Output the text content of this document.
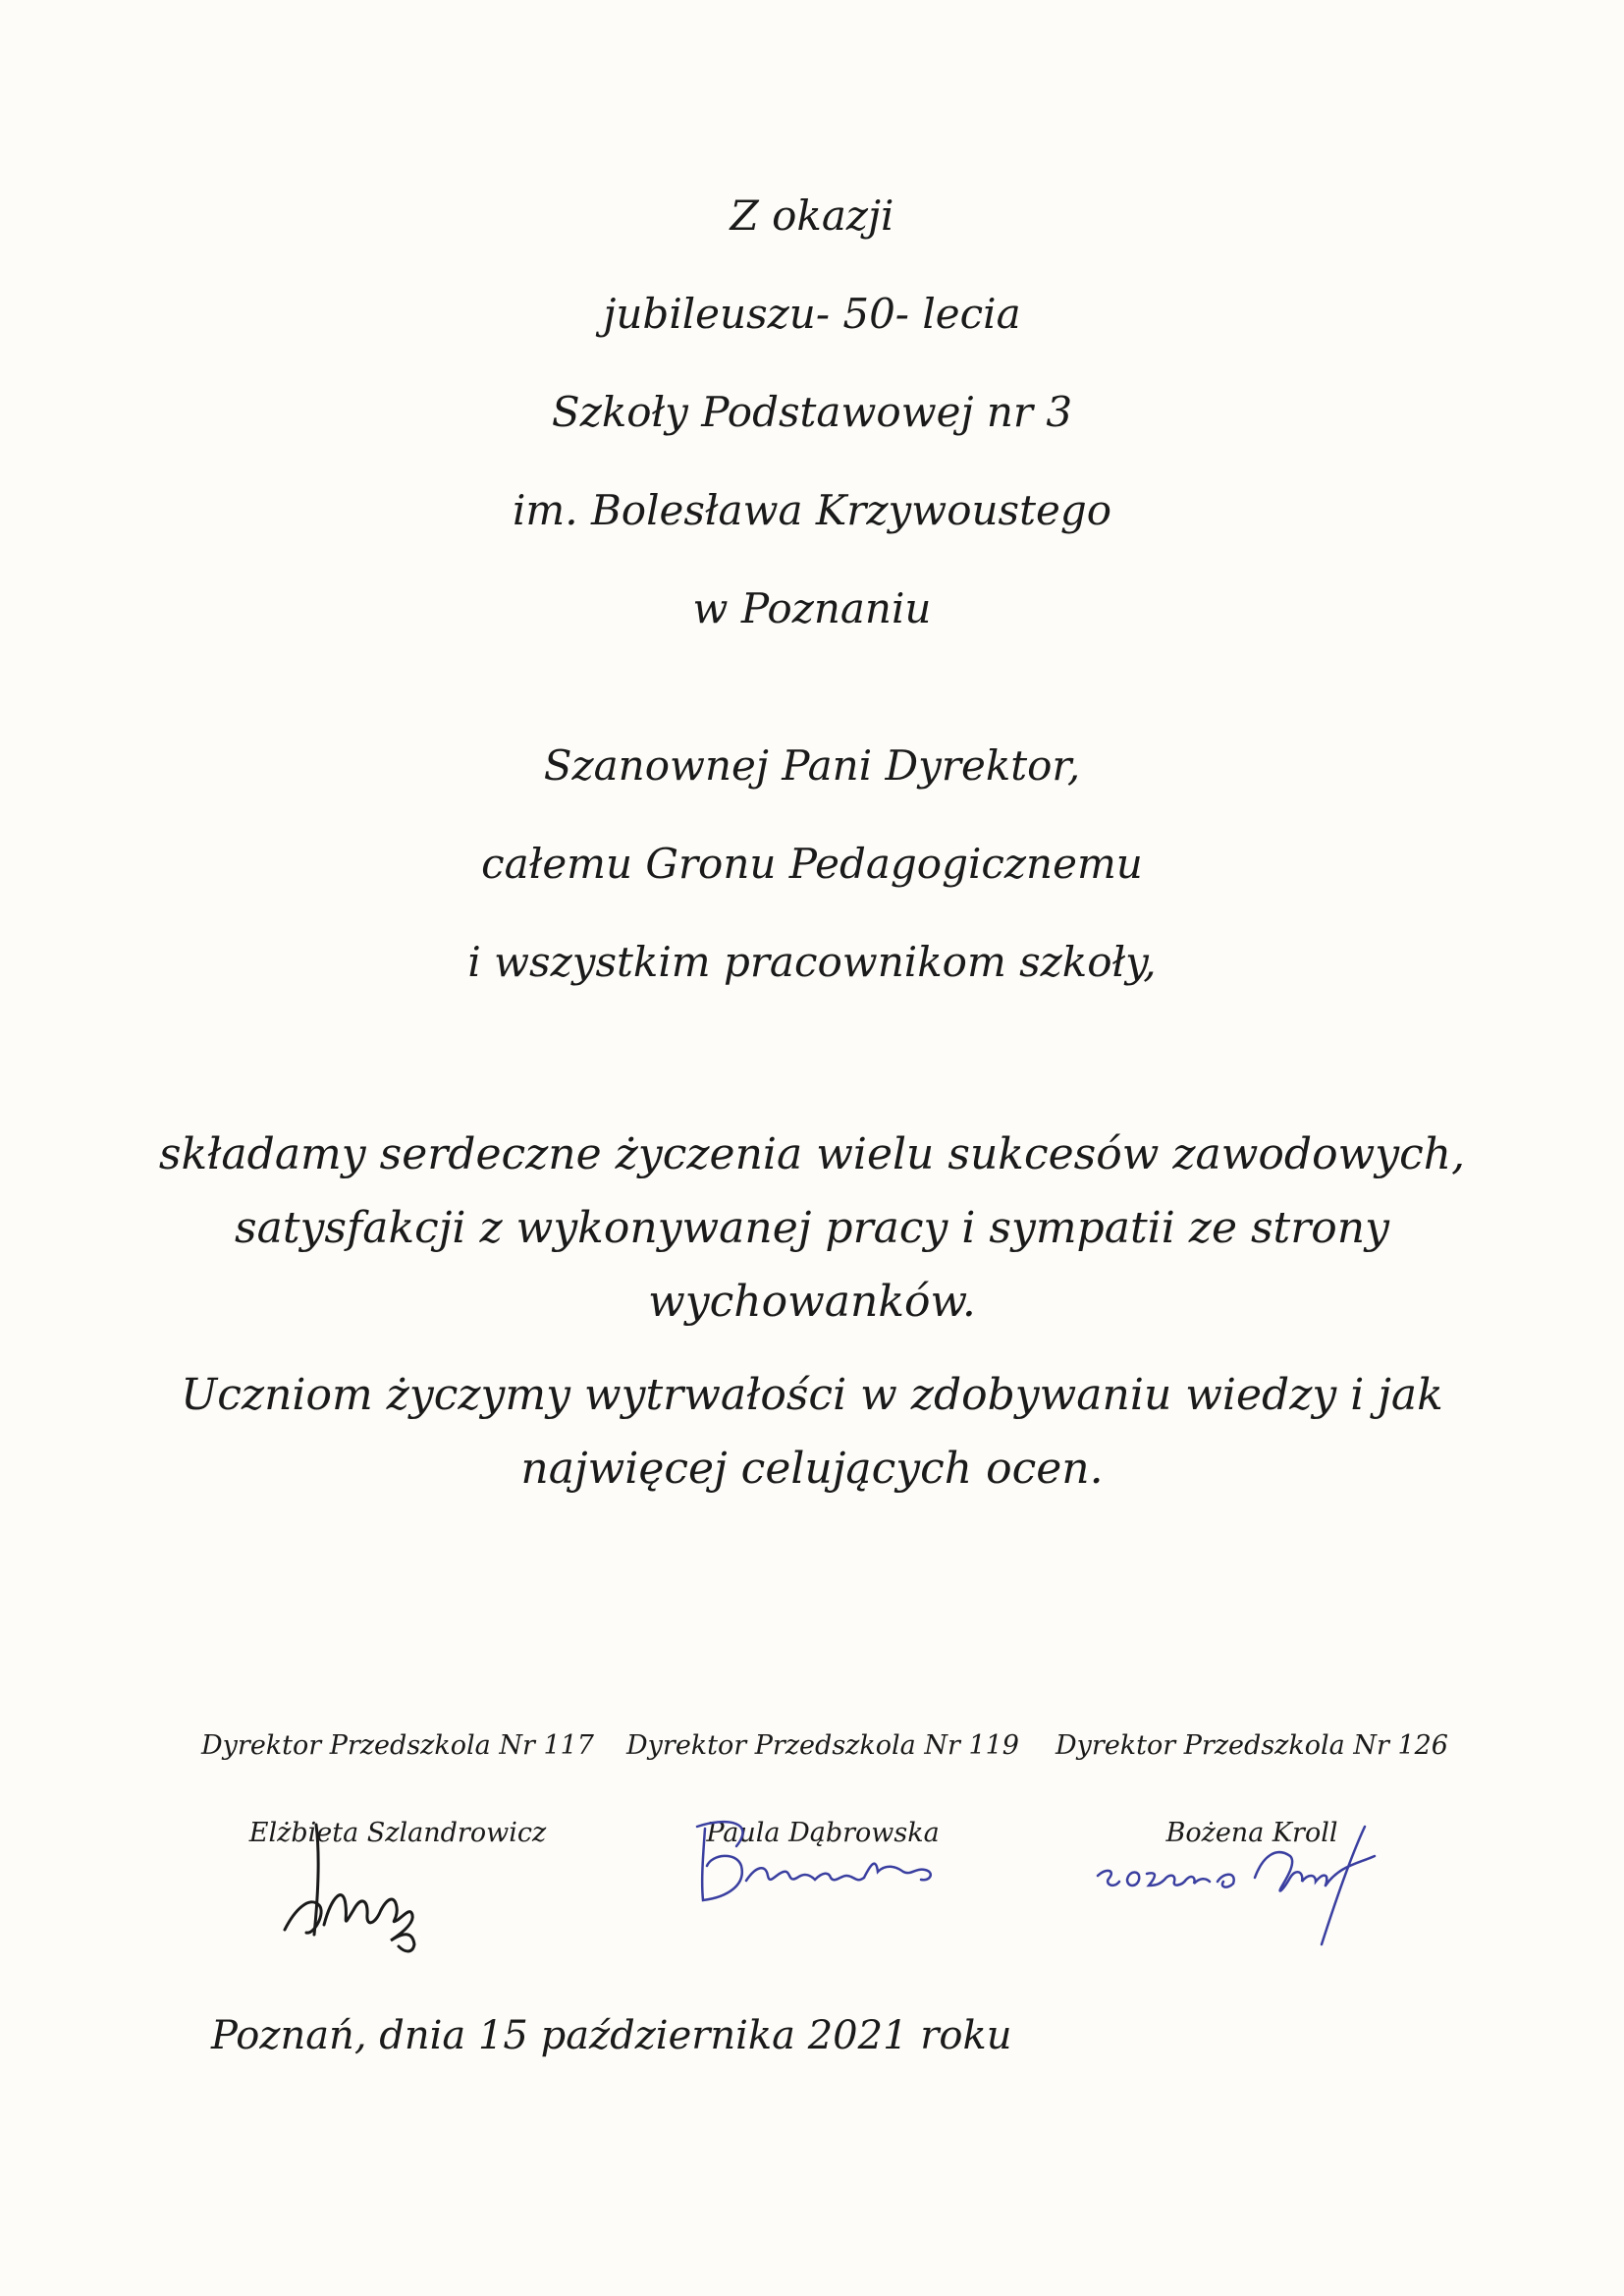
Z okazji
jubileuszu- 50- lecia
Szkoły Podstawowej nr 3
im. Bolesława Krzywoustego
w Poznaniu
Szanownej Pani Dyrektor,
całemu Gronu Pedagogicznemu
i wszystkim pracownikom szkoły,
składamy serdeczne życzenia wielu sukcesów zawodowych,
satysfakcji z wykonywanej pracy i sympatii ze strony
wychowanków.
Uczniom życzymy wytrwałości w zdobywaniu wiedzy i jak
najwięcej celujących ocen.
Dyrektor Przedszkola Nr 117
Elżbieta Szlandrowicz
Dyrektor Przedszkola Nr 119
Paula Dąbrowska
Dyrektor Przedszkola Nr 126
Bożena Kroll
Poznań, dnia 15 października 2021 roku
